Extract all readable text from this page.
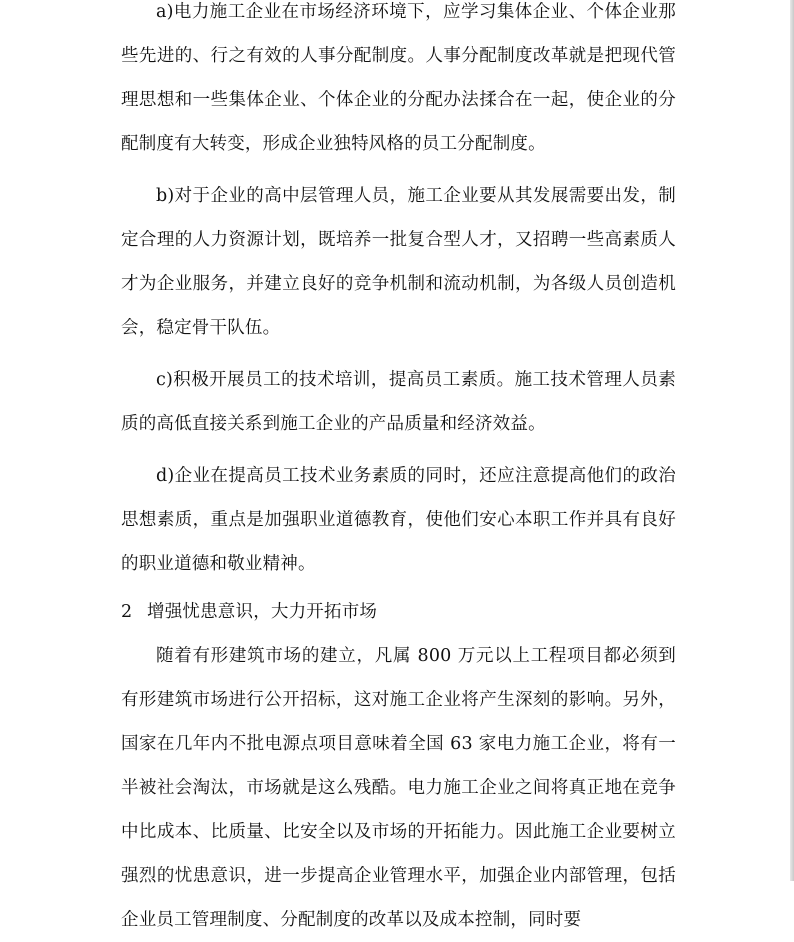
a)电力施工企业在市场经济环境下，应学习集体企业、个体企业那些先进的、行之有效的人事分配制度。人事分配制度改革就是把现代管理思想和一些集体企业、个体企业的分配办法揉合在一起，使企业的分配制度有大转变，形成企业独特风格的员工分配制度。

b)对于企业的高中层管理人员，施工企业要从其发展需要出发，制定合理的人力资源计划，既培养一批复合型人才，又招聘一些高素质人才为企业服务，并建立良好的竞争机制和流动机制，为各级人员创造机会，稳定骨干队伍。

c)积极开展员工的技术培训，提高员工素质。施工技术管理人员素质的高低直接关系到施工企业的产品质量和经济效益。

d)企业在提高员工技术业务素质的同时，还应注意提高他们的政治思想素质，重点是加强职业道德教育，使他们安心本职工作并具有良好的职业道德和敬业精神。

2 增强忧患意识，大力开拓市场

随着有形建筑市场的建立，凡属 800 万元以上工程项目都必须到有形建筑市场进行公开招标，这对施工企业将产生深刻的影响。另外，国家在几年内不批电源点项目意味着全国 63 家电力施工企业，将有一半被社会淘汰，市场就是这么残酷。电力施工企业之间将真正地在竞争中比成本、比质量、比安全以及市场的开拓能力。因此施工企业要树立强烈的忧患意识，进一步提高企业管理水平，加强企业内部管理，包括企业员工管理制度、分配制度的改革以及成本控制，同时要
